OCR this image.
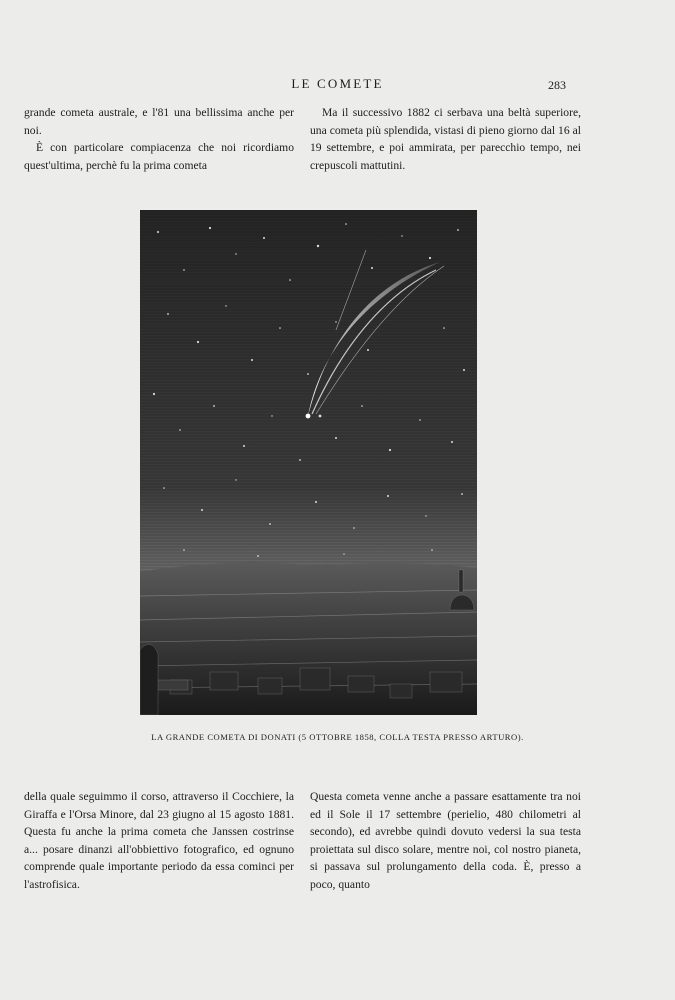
LE COMETE	283

grande cometa australe, e l'81 una bellissima anche per noi.

È con particolare compiacenza che noi ricordiamo quest'ultima, perchè fu la prima cometa

Ma il successivo 1882 ci serbava una beltà superiore, una cometa più splendida, vistasi di pieno giorno dal 16 al 19 settembre, e poi ammirata, per parecchio tempo, nei crepuscoli mattutini.

LA GRANDE COMETA DI DONATI (5 OTTOBRE 1858, COLLA TESTA PRESSO ARTURO).

della quale seguimmo il corso, attraverso il Cocchiere, la Giraffa e l'Orsa Minore, dal 23 giugno al 15 agosto 1881. Questa fu anche la prima cometa che Janssen costrinse a... posare dinanzi all'obbiettivo fotografico, ed ognuno comprende quale importante periodo da essa cominci per l'astrofisica.

Questa cometa venne anche a passare esattamente tra noi ed il Sole il 17 settembre (perielio, 480 chilometri al secondo), ed avrebbe quindi dovuto vedersi la sua testa proiettata sul disco solare, mentre noi, col nostro pianeta, si passava sul prolungamento della coda. È, presso a poco, quanto
